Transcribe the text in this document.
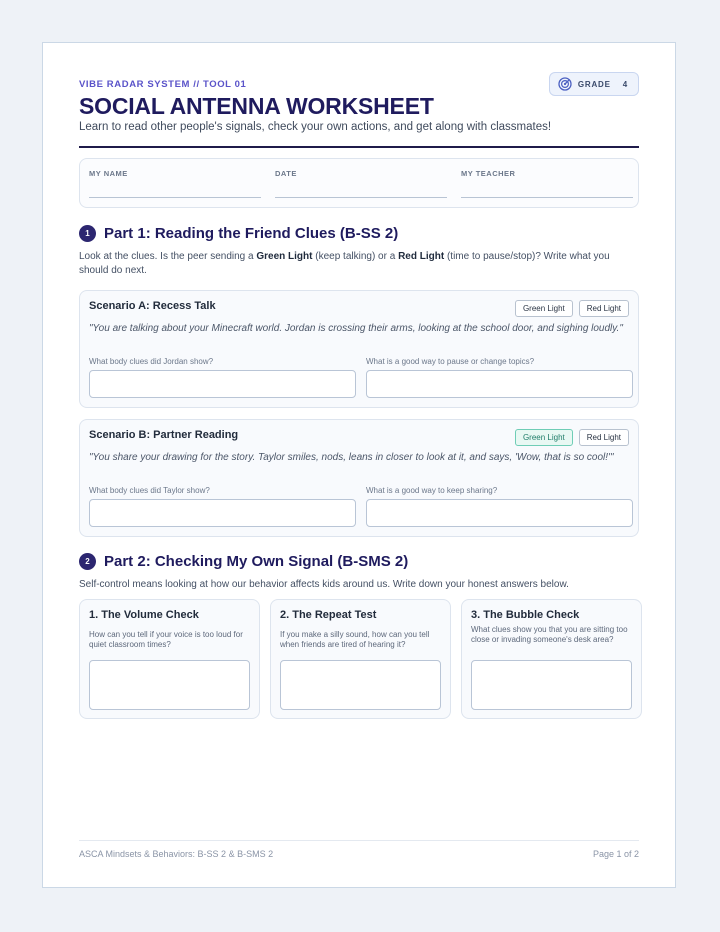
VIBE RADAR SYSTEM // TOOL 01	GRADE 4
SOCIAL ANTENNA WORKSHEET
Learn to read other people's signals, check your own actions, and get along with classmates!
MY NAME	DATE	MY TEACHER
1 Part 1: Reading the Friend Clues (B-SS 2)
Look at the clues. Is the peer sending a Green Light (keep talking) or a Red Light (time to pause/stop)? Write what you should do next.
Scenario A: Recess Talk	Green Light	Red Light
"You are talking about your Minecraft world. Jordan is crossing their arms, looking at the school door, and sighing loudly."
What body clues did Jordan show?	What is a good way to pause or change topics?
Scenario B: Partner Reading	Green Light	Red Light
"You share your drawing for the story. Taylor smiles, nods, leans in closer to look at it, and says, 'Wow, that is so cool!'"
What body clues did Taylor show?	What is a good way to keep sharing?
2 Part 2: Checking My Own Signal (B-SMS 2)
Self-control means looking at how our behavior affects kids around us. Write down your honest answers below.
1. The Volume Check
How can you tell if your voice is too loud for quiet classroom times?
2. The Repeat Test
If you make a silly sound, how can you tell when friends are tired of hearing it?
3. The Bubble Check
What clues show you that you are sitting too close or invading someone's desk area?
ASCA Mindsets & Behaviors: B-SS 2 & B-SMS 2	Page 1 of 2
